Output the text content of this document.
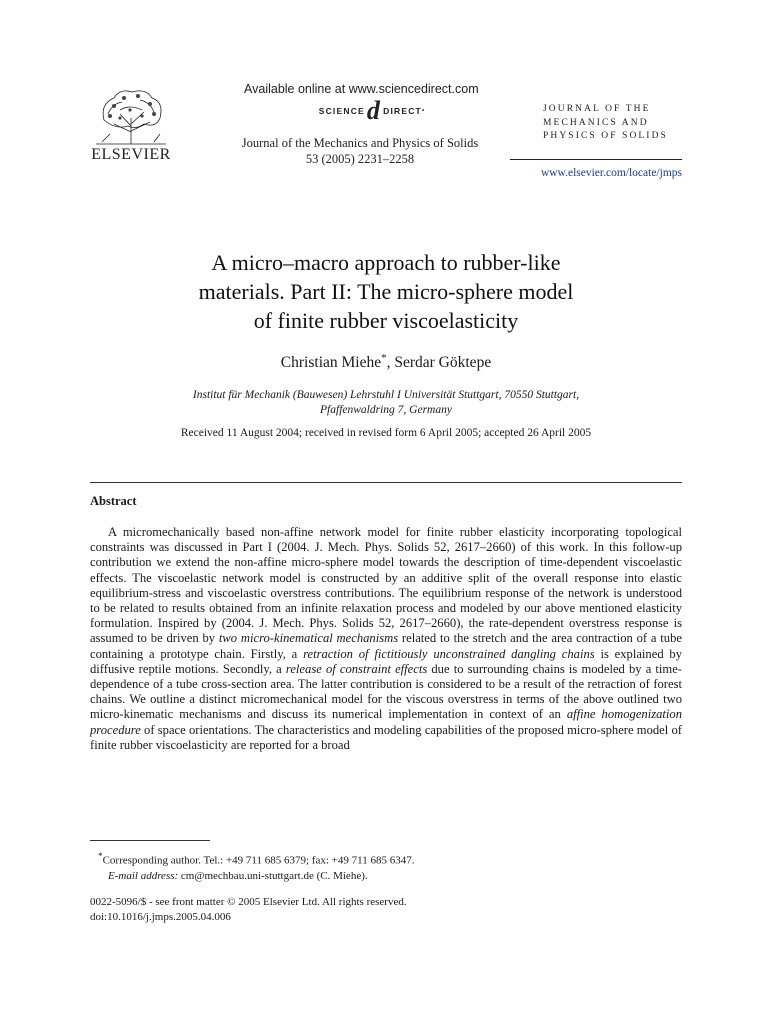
ELSEVIER
Available online at www.sciencedirect.com
SCIENCE d DIRECT •
Journal of the Mechanics and Physics of Solids
53 (2005) 2231–2258
JOURNAL OF THE
MECHANICS AND
PHYSICS OF SOLIDS
www.elsevier.com/locate/jmps
A micro–macro approach to rubber-like
materials. Part II: The micro-sphere model
of finite rubber viscoelasticity
Christian Miehe*, Serdar Göktepe
Institut für Mechanik (Bauwesen) Lehrstuhl I Universität Stuttgart, 70550 Stuttgart,
Pfaffenwaldring 7, Germany
Received 11 August 2004; received in revised form 6 April 2005; accepted 26 April 2005
Abstract

A micromechanically based non-affine network model for finite rubber elasticity incorporating topological constraints was discussed in Part I (2004. J. Mech. Phys. Solids 52, 2617–2660) of this work. In this follow-up contribution we extend the non-affine micro-sphere model towards the description of time-dependent viscoelastic effects. The viscoelastic network model is constructed by an additive split of the overall response into elastic equilibrium-stress and viscoelastic overstress contributions. The equilibrium response of the network is understood to be related to results obtained from an infinite relaxation process and modeled by our above mentioned elasticity formulation. Inspired by (2004. J. Mech. Phys. Solids 52, 2617–2660), the rate-dependent overstress response is assumed to be driven by two micro-kinematical mechanisms related to the stretch and the area contraction of a tube containing a prototype chain. Firstly, a retraction of fictitiously unconstrained dangling chains is explained by diffusive reptile motions. Secondly, a release of constraint effects due to surrounding chains is modeled by a time-dependence of a tube cross-section area. The latter contribution is considered to be a result of the retraction of forest chains. We outline a distinct micromechanical model for the viscous overstress in terms of the above outlined two micro-kinematic mechanisms and discuss its numerical implementation in context of an affine homogenization procedure of space orientations. The characteristics and modeling capabilities of the proposed micro-sphere model of finite rubber viscoelasticity are reported for a broad

*Corresponding author. Tel.: +49 711 685 6379; fax: +49 711 685 6347.
E-mail address: cm@mechbau.uni-stuttgart.de (C. Miehe).
0022-5096/$ - see front matter © 2005 Elsevier Ltd. All rights reserved.
doi:10.1016/j.jmps.2005.04.006
